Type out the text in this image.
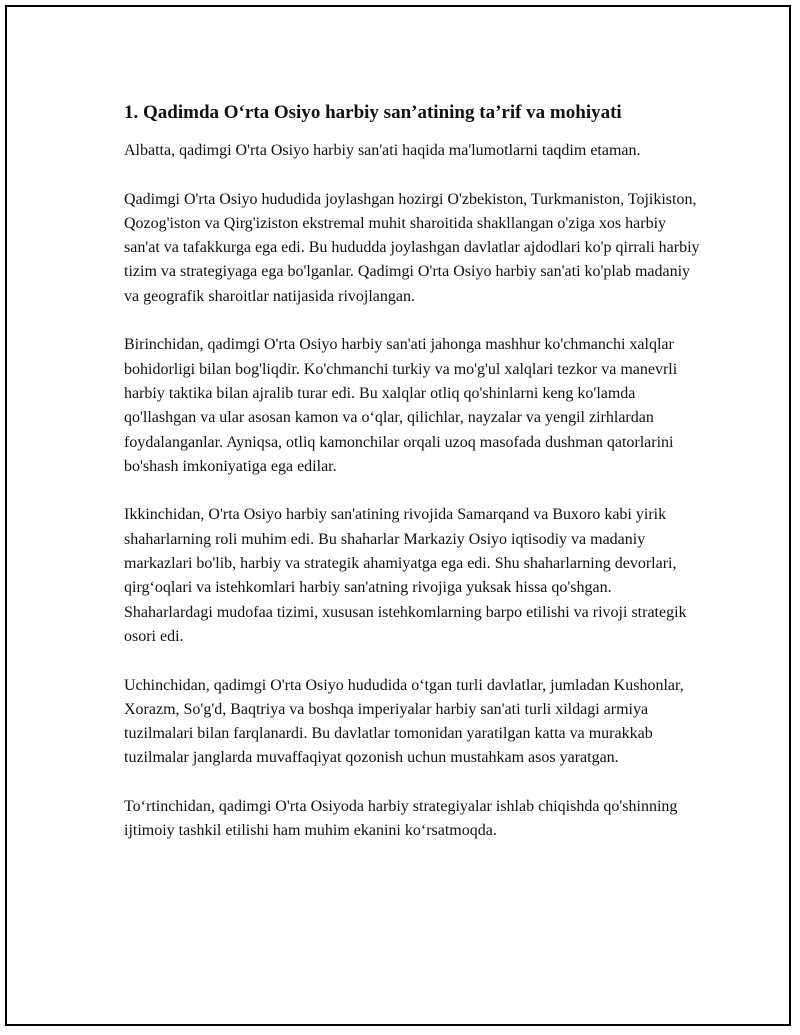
1. Qadimda O‘rta Osiyo harbiy san’atining ta’rif va mohiyati

Albatta, qadimgi O'rta Osiyo harbiy san'ati haqida ma'lumotlarni taqdim etaman.

Qadimgi O'rta Osiyo hududida joylashgan hozirgi O'zbekiston, Turkmaniston, Tojikiston, Qozog'iston va Qirg'iziston ekstremal muhit sharoitida shakllangan o'ziga xos harbiy san'at va tafakkurga ega edi. Bu hududda joylashgan davlatlar ajdodlari ko'p qirrali harbiy tizim va strategiyaga ega bo'lganlar. Qadimgi O'rta Osiyo harbiy san'ati ko'plab madaniy va geografik sharoitlar natijasida rivojlangan.

Birinchidan, qadimgi O'rta Osiyo harbiy san'ati jahonga mashhur ko'chmanchi xalqlar bohidorligi bilan bog'liqdir. Ko'chmanchi turkiy va mo'g'ul xalqlari tezkor va manevrli harbiy taktika bilan ajralib turar edi. Bu xalqlar otliq qo'shinlarni keng ko'lamda qo'llashgan va ular asosan kamon va o‘qlar, qilichlar, nayzalar va yengil zirhlardan foydalanganlar. Ayniqsa, otliq kamonchilar orqali uzoq masofada dushman qatorlarini bo'shash imkoniyatiga ega edilar.

Ikkinchidan, O'rta Osiyo harbiy san'atining rivojida Samarqand va Buxoro kabi yirik shaharlarning roli muhim edi. Bu shaharlar Markaziy Osiyo iqtisodiy va madaniy markazlari bo'lib, harbiy va strategik ahamiyatga ega edi. Shu shaharlarning devorlari, qirg‘oqlari va istehkomlari harbiy san'atning rivojiga yuksak hissa qo'shgan. Shaharlardagi mudofaa tizimi, xususan istehkomlarning barpo etilishi va rivoji strategik osori edi.

Uchinchidan, qadimgi O'rta Osiyo hududida o‘tgan turli davlatlar, jumladan Kushonlar, Xorazm, So'g'd, Baqtriya va boshqa imperiyalar harbiy san'ati turli xildagi armiya tuzilmalari bilan farqlanardi. Bu davlatlar tomonidan yaratilgan katta va murakkab tuzilmalar janglarda muvaffaqiyat qozonish uchun mustahkam asos yaratgan.

To‘rtinchidan, qadimgi O'rta Osiyoda harbiy strategiyalar ishlab chiqishda qo'shinning ijtimoiy tashkil etilishi ham muhim ekanini ko‘rsatmoqda.
